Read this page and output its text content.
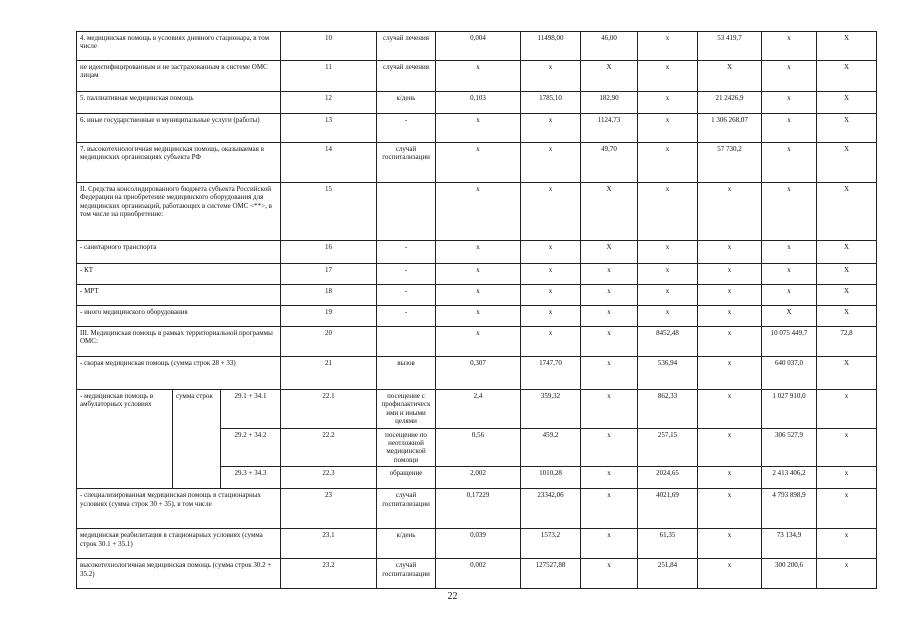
4. медицинская помощь в условиях дневного стационара, в том числе			10	случай лечения	0,004	11498,00	46,00	х	53 419,7	х	Х
не идентифицированным и не застрахованным в системе ОМС лицам			11	случай лечения	х	х	Х	х	Х	х	Х
5. паллиативная медицинская помощь			12	к/день	0,103	1785,10	182,90	х	21 2426,9	х	Х
6. иные государственные и муниципальные услуги (работы)			13	-	х	х	1124,73	х	1 306 268,07	х	Х
7. высокотехнологичная медицинская помощь, оказываемая в медицинских организациях субъекта РФ			14	случай госпитализации	х	х	49,70	х	57 730,2	х	Х
II. Средства консолидированного бюджета субъекта Российской Федерации на приобретение медицинского оборудования для медицинских организаций, работающих в системе ОМС <**>, в том числе на приобретение:			15		х	х	Х	х	х	х	Х
- санитарного транспорта			16	-	х	х	Х	х	х	х	Х
- КТ			17	-	х	х	х	х	х	х	Х
- МРТ			18	-	х	х	х	х	х	х	Х
- иного медицинского оборудования			19	-	х	х	х	х	х	Х	Х
III. Медицинская помощь в рамках территориальной программы ОМС:			20		х	х	х	8452,48	х	10 075 449,7	72,8
- скорая медицинская помощь (сумма строк 28 + 33)			21	вызов	0,307	1747,70	х	536,94	х	640 037,0	Х
- медицинская помощь в амбулаторных условиях	сумма строк	29.1 + 34.1	22.1	посещение с профилактическими и иными целями	2,4	359,32	х	862,33	х	1 027 910,0	х
		29.2 + 34.2	22.2	посещение по неотложной медицинской помощи	0,56	459,2	х	257,15	х	306 527,9	х
		29.3 + 34.3	22.3	обращение	2,002	1010,28	х	2024,65	х	2 413 406,2	х
- специализированная медицинская помощь в стационарных условиях (сумма строк 30 + 35), в том числе			23	случай госпитализации	0,17229	23342,06	х	4021,69	х	4 793 898,9	х
медицинская реабилитация в стационарных условиях (сумма строк 30.1 + 35.1)			23.1	к/день	0,039	1573,2	х	61,35	х	73 134,9	х
высокотехнологичная медицинская помощь (сумма строк 30.2 + 35.2)			23.2	случай госпитализации	0,002	127527,88	х	251,84	х	300 200,6	х
22
